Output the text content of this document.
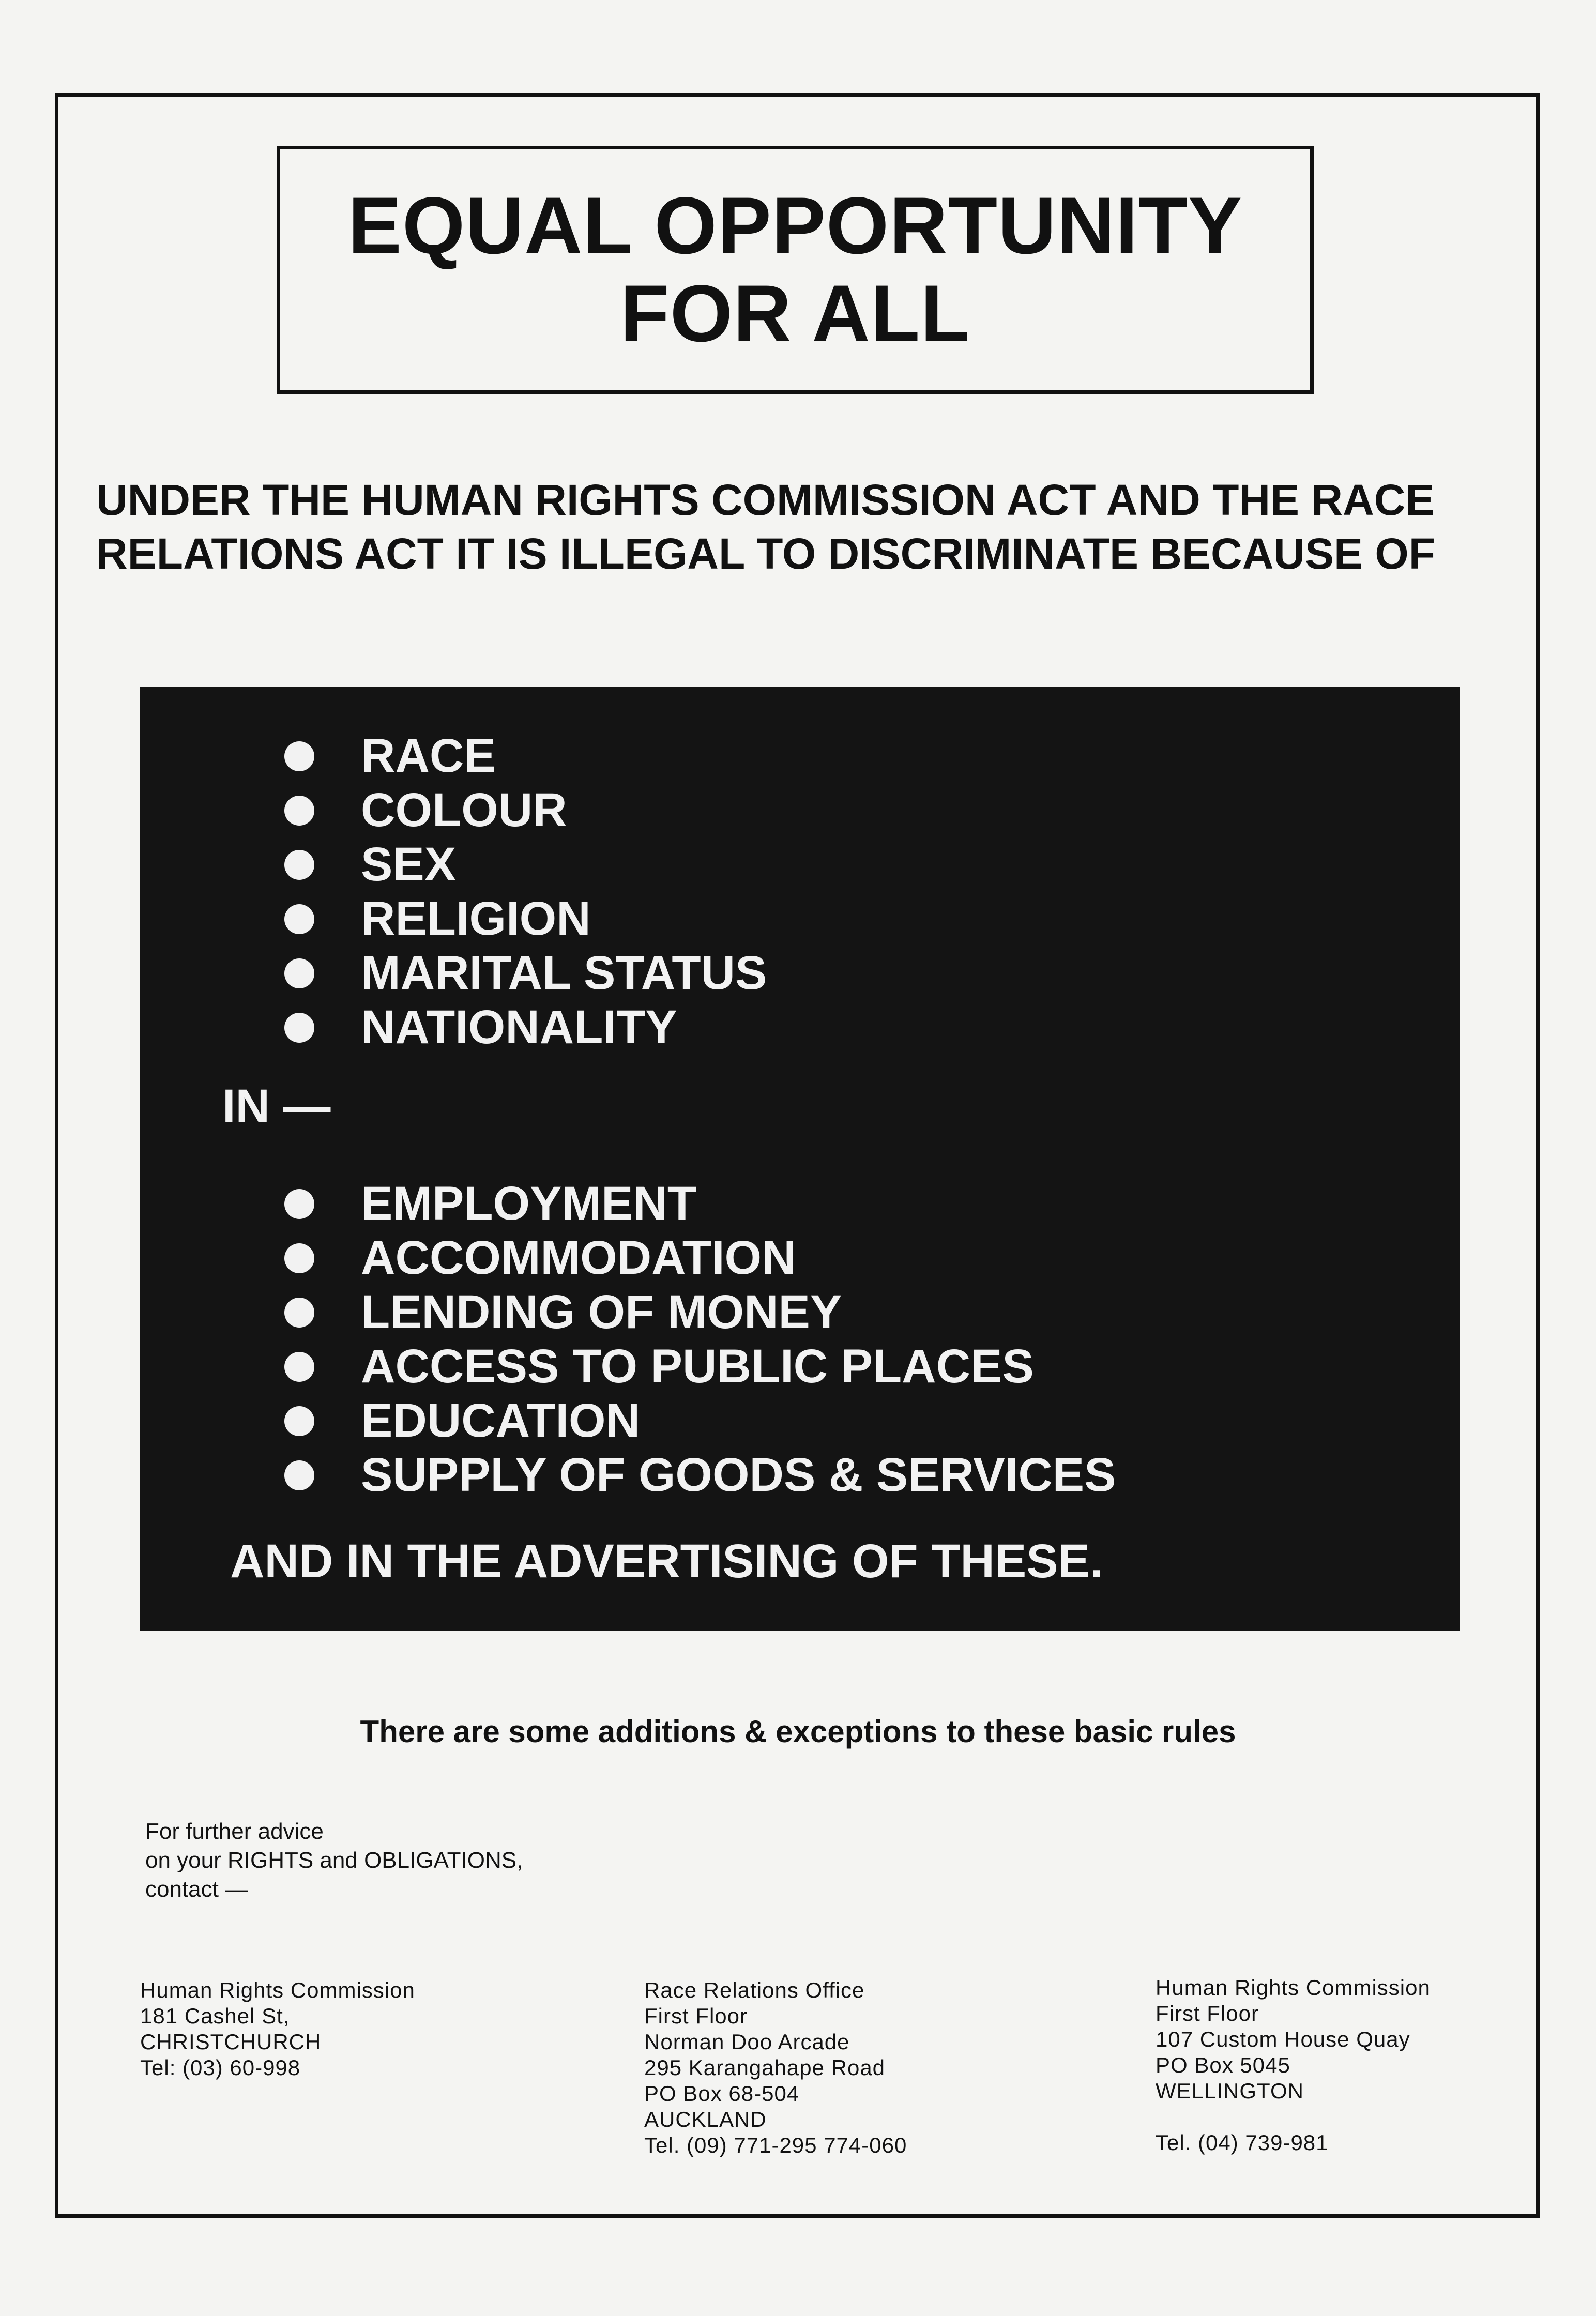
EQUAL OPPORTUNITY
FOR ALL
UNDER THE HUMAN RIGHTS COMMISSION ACT AND THE RACE
RELATIONS ACT IT IS ILLEGAL TO DISCRIMINATE BECAUSE OF
RACE
COLOUR
SEX
RELIGION
MARITAL STATUS
NATIONALITY
IN —
EMPLOYMENT
ACCOMMODATION
LENDING OF MONEY
ACCESS TO PUBLIC PLACES
EDUCATION
SUPPLY OF GOODS & SERVICES
AND IN THE ADVERTISING OF THESE.
There are some additions & exceptions to these basic rules
For further advice
on your RIGHTS and OBLIGATIONS,
contact —
Human Rights Commission
181 Cashel St,
CHRISTCHURCH
Tel: (03) 60-998
Race Relations Office
First Floor
Norman Doo Arcade
295 Karangahape Road
PO Box 68-504
AUCKLAND
Tel. (09) 771-295 774-060
Human Rights Commission
First Floor
107 Custom House Quay
PO Box 5045
WELLINGTON
Tel. (04) 739-981
